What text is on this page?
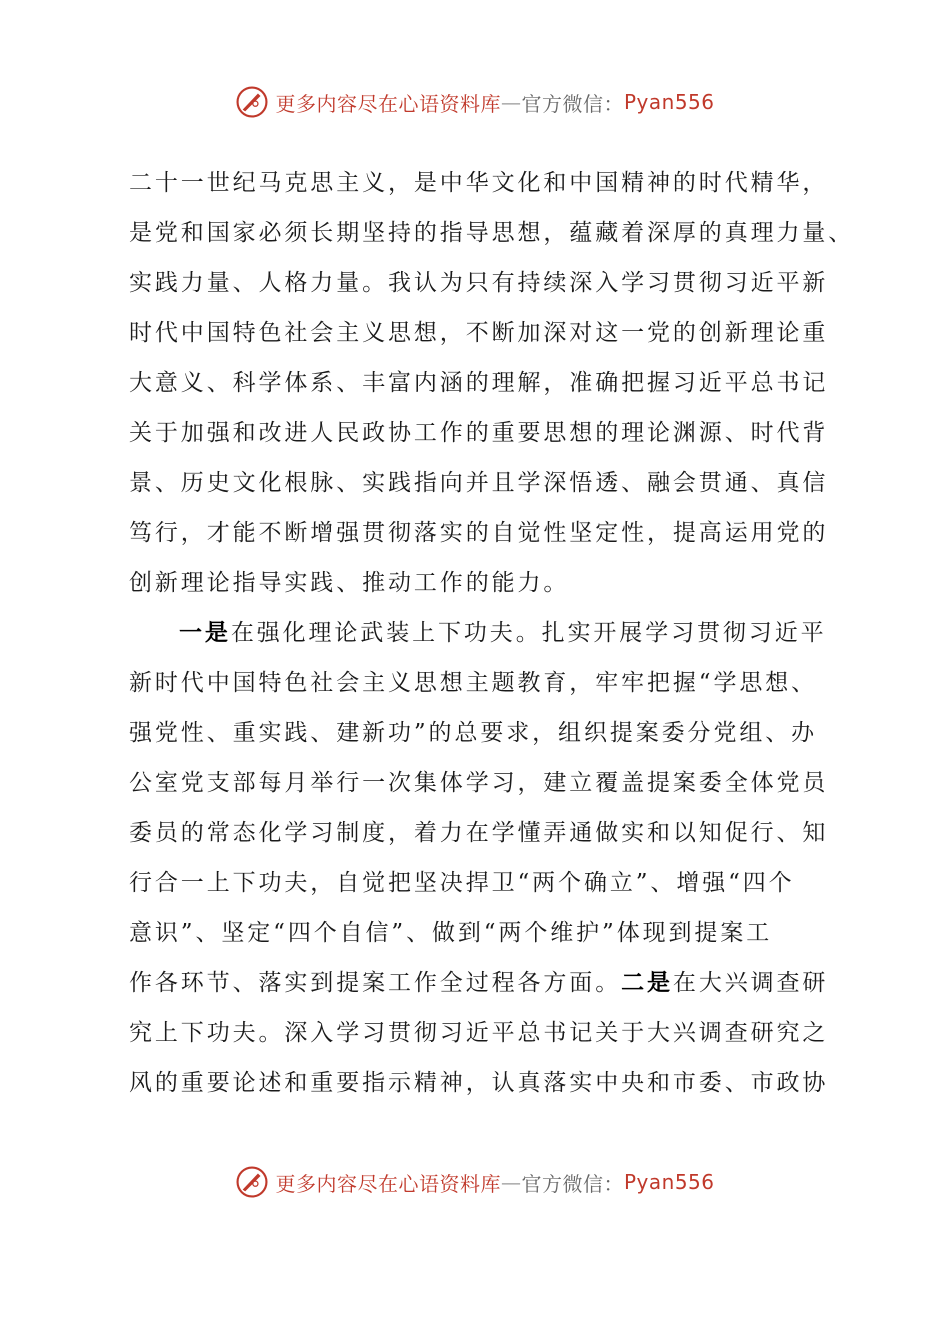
更多内容尽在心语资料库 — 官方微信： Pyan556
二十一世纪马克思主义，是中华文化和中国精神的时代精华，
是党和国家必须长期坚持的指导思想，蕴藏着深厚的真理力量、
实践力量、人格力量。我认为只有持续深入学习贯彻习近平新
时代中国特色社会主义思想，不断加深对这一党的创新理论重
大意义、科学体系、丰富内涵的理解，准确把握习近平总书记
关于加强和改进人民政协工作的重要思想的理论渊源、时代背
景、历史文化根脉、实践指向并且学深悟透、融会贯通、真信
笃行，才能不断增强贯彻落实的自觉性坚定性，提高运用党的
创新理论指导实践、推动工作的能力。
一是在强化理论武装上下功夫。扎实开展学习贯彻习近平
新时代中国特色社会主义思想主题教育，牢牢把握“学思想、
强党性、重实践、建新功”的总要求，组织提案委分党组、办
公室党支部每月举行一次集体学习，建立覆盖提案委全体党员
委员的常态化学习制度，着力在学懂弄通做实和以知促行、知
行合一上下功夫，自觉把坚决捍卫“两个确立”、增强“四个
意识”、坚定“四个自信”、做到“两个维护”体现到提案工
作各环节、落实到提案工作全过程各方面。二是在大兴调查研
究上下功夫。深入学习贯彻习近平总书记关于大兴调查研究之
风的重要论述和重要指示精神，认真落实中央和市委、市政协
更多内容尽在心语资料库 — 官方微信： Pyan556
